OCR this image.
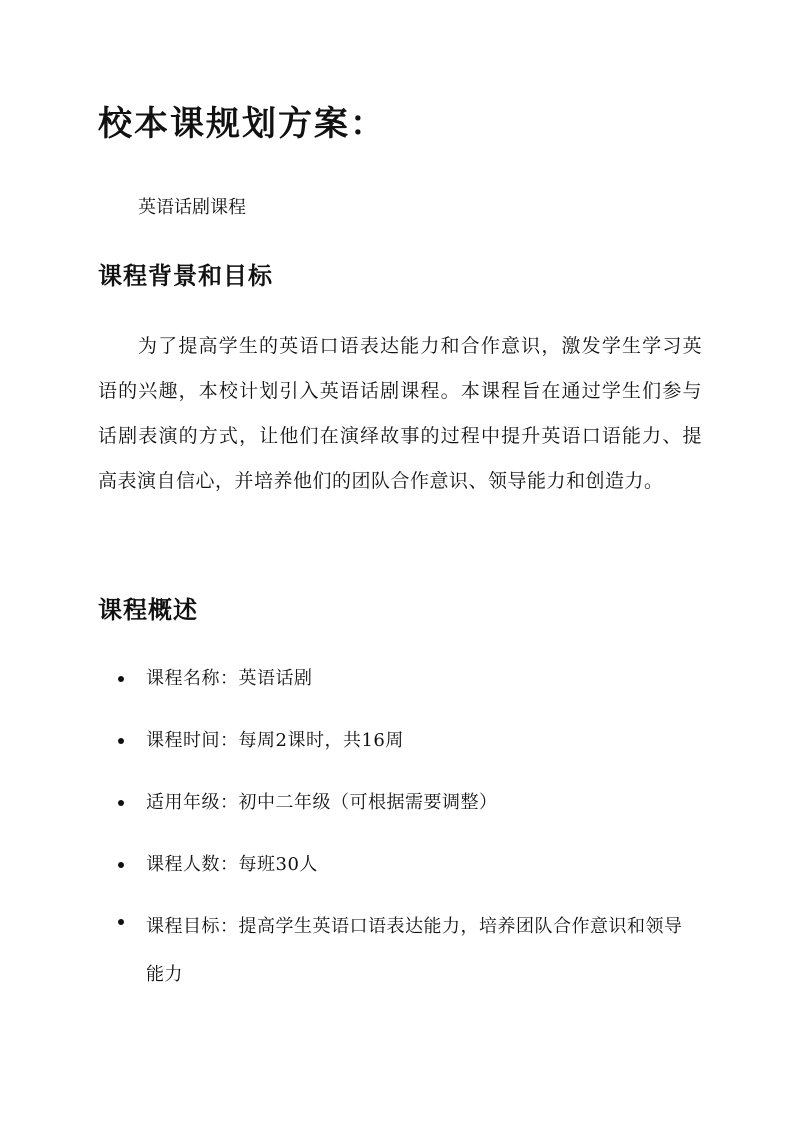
校本课规划方案：
英语话剧课程
课程背景和目标
为了提高学生的英语口语表达能力和合作意识，激发学生学习英语的兴趣，本校计划引入英语话剧课程。本课程旨在通过学生们参与话剧表演的方式，让他们在演绎故事的过程中提升英语口语能力、提高表演自信心，并培养他们的团队合作意识、领导能力和创造力。
课程概述
课程名称：英语话剧
课程时间：每周2课时，共16周
适用年级：初中二年级（可根据需要调整）
课程人数：每班30人
课程目标：提高学生英语口语表达能力，培养团队合作意识和领导能力
